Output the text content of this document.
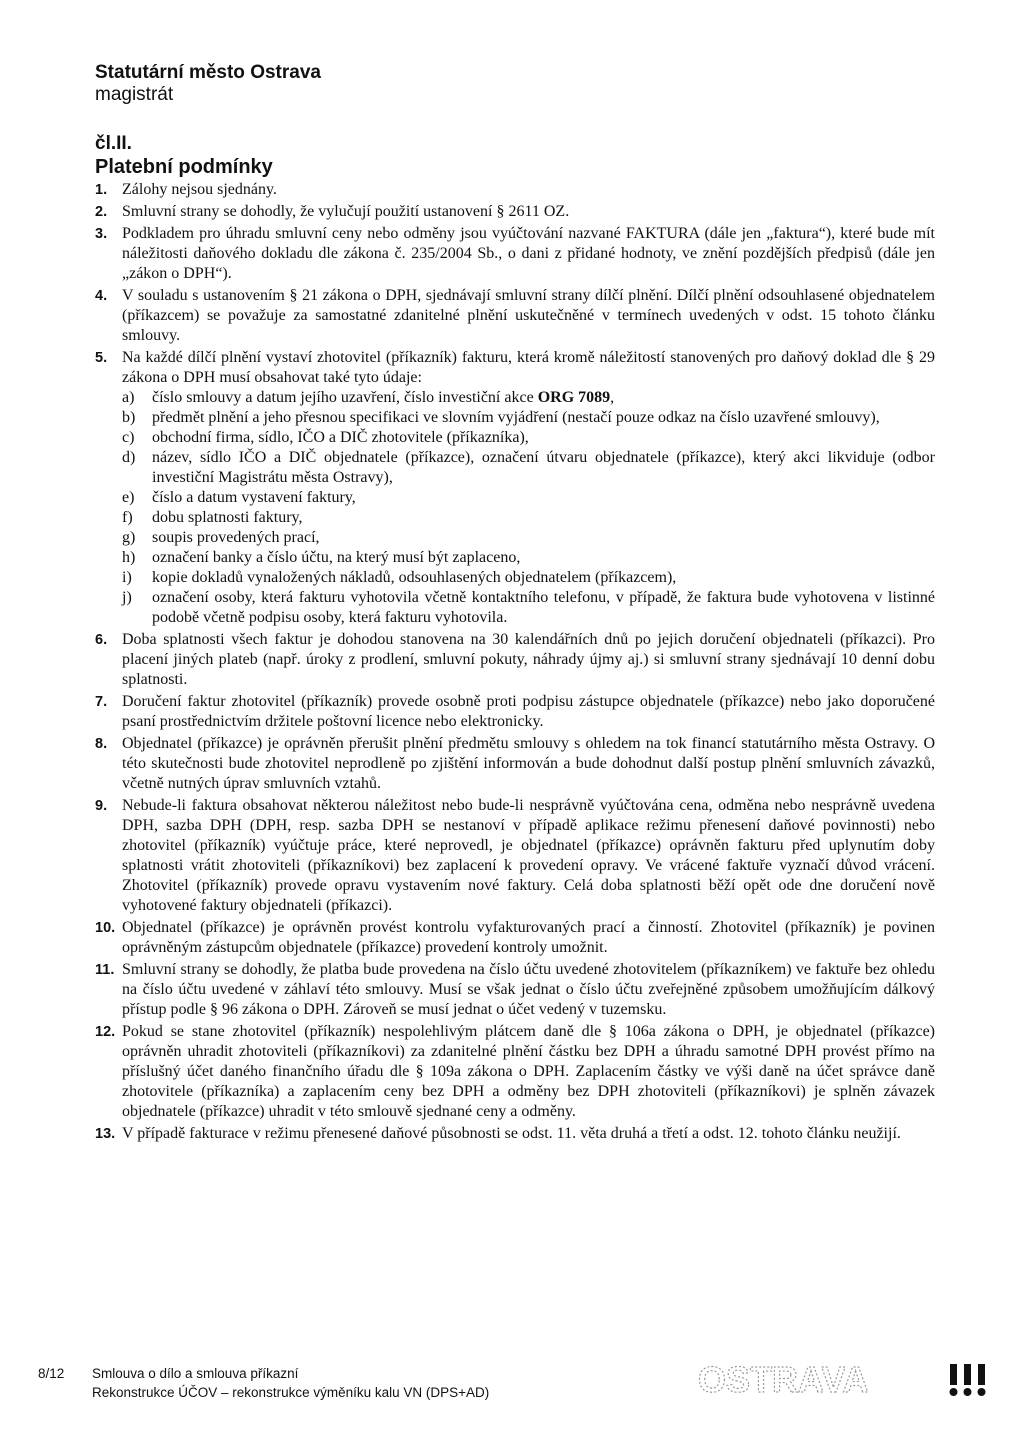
Statutární město Ostrava

magistrát

čl.II.
Platební podmínky
1. Zálohy nejsou sjednány.
2. Smluvní strany se dohodly, že vylučují použití ustanovení § 2611 OZ.
3. Podkladem pro úhradu smluvní ceny nebo odměny jsou vyúčtování nazvané FAKTURA (dále jen „faktura“), které bude mít náležitosti daňového dokladu dle zákona č. 235/2004 Sb., o dani z přidané hodnoty, ve znění pozdějších předpisů (dále jen „zákon o DPH“).
4. V souladu s ustanovením § 21 zákona o DPH, sjednávají smluvní strany dílčí plnění. Dílčí plnění odsouhlasené objednatelem (příkazcem) se považuje za samostatné zdanitelné plnění uskutečněné v termínech uvedených v odst. 15 tohoto článku smlouvy.
5. Na každé dílčí plnění vystaví zhotovitel (příkazník) fakturu, která kromě náležitostí stanovených pro daňový doklad dle § 29 zákona o DPH musí obsahovat také tyto údaje:
a)	číslo smlouvy a datum jejího uzavření, číslo investiční akce ORG 7089,
b)	předmět plnění a jeho přesnou specifikaci ve slovním vyjádření (nestačí pouze odkaz na číslo uzavřené smlouvy),
c)	obchodní firma, sídlo, IČO a DIČ zhotovitele (příkazníka),
d)	název, sídlo IČO a DIČ objednatele (příkazce), označení útvaru objednatele (příkazce), který akci likviduje (odbor investiční Magistrátu města Ostravy),
e)	číslo a datum vystavení faktury,
f)	dobu splatnosti faktury,
g)	soupis provedených prací,
h)	označení banky a číslo účtu, na který musí být zaplaceno,
i)	kopie dokladů vynaložených nákladů, odsouhlasených objednatelem (příkazcem),
j)	označení osoby, která fakturu vyhotovila včetně kontaktního telefonu, v případě, že faktura bude vyhotovena v listinné podobě včetně podpisu osoby, která fakturu vyhotovila.
6. Doba splatnosti všech faktur je dohodou stanovena na 30 kalendářních dnů po jejich doručení objednateli (příkazci). Pro placení jiných plateb (např. úroky z prodlení, smluvní pokuty, náhrady újmy aj.) si smluvní strany sjednávají 10 denní dobu splatnosti.
7. Doručení faktur zhotovitel (příkazník) provede osobně proti podpisu zástupce objednatele (příkazce) nebo jako doporučené psaní prostřednictvím držitele poštovní licence nebo elektronicky.
8. Objednatel (příkazce) je oprávněn přerušit plnění předmětu smlouvy s ohledem na tok financí statutárního města Ostravy. O této skutečnosti bude zhotovitel neprodleně po zjištění informován a bude dohodnut další postup plnění smluvních závazků, včetně nutných úprav smluvních vztahů.
9. Nebude-li faktura obsahovat některou náležitost nebo bude-li nesprávně vyúčtována cena, odměna nebo nesprávně uvedena DPH, sazba DPH (DPH, resp. sazba DPH se nestanoví v případě aplikace režimu přenesení daňové povinnosti) nebo zhotovitel (příkazník) vyúčtuje práce, které neprovedl, je objednatel (příkazce) oprávněn fakturu před uplynutím doby splatnosti vrátit zhotoviteli (příkazníkovi) bez zaplacení k provedení opravy. Ve vrácené faktuře vyznačí důvod vrácení. Zhotovitel (příkazník) provede opravu vystavením nové faktury. Celá doba splatnosti běží opět ode dne doručení nově vyhotovené faktury objednateli (příkazci).
10. Objednatel (příkazce) je oprávněn provést kontrolu vyfakturovaných prací a činností. Zhotovitel (příkazník) je povinen oprávněným zástupcům objednatele (příkazce) provedení kontroly umožnit.
11. Smluvní strany se dohodly, že platba bude provedena na číslo účtu uvedené zhotovitelem (příkazníkem) ve faktuře bez ohledu na číslo účtu uvedené v záhlaví této smlouvy. Musí se však jednat o číslo účtu zveřejněné způsobem umožňujícím dálkový přístup podle § 96 zákona o DPH. Zároveň se musí jednat o účet vedený v tuzemsku.
12. Pokud se stane zhotovitel (příkazník) nespolehlivým plátcem daně dle § 106a zákona o DPH, je objednatel (příkazce) oprávněn uhradit zhotoviteli (příkazníkovi) za zdanitelné plnění částku bez DPH a úhradu samotné DPH provést přímo na příslušný účet daného finančního úřadu dle § 109a zákona o DPH. Zaplacením částky ve výši daně na účet správce daně zhotovitele (příkazníka) a zaplacením ceny bez DPH a odměny bez DPH zhotoviteli (příkazníkovi) je splněn závazek objednatele (příkazce) uhradit v této smlouvě sjednané ceny a odměny.
13. V případě fakturace v režimu přenesené daňové působnosti se odst. 11. věta druhá a třetí a odst. 12. tohoto článku neužijí.
8/12 Smlouva o dílo a smlouva příkazní
Rekonstrukce ÚČOV – rekonstrukce výměníku kalu VN (DPS+AD)	OSTRAVA
